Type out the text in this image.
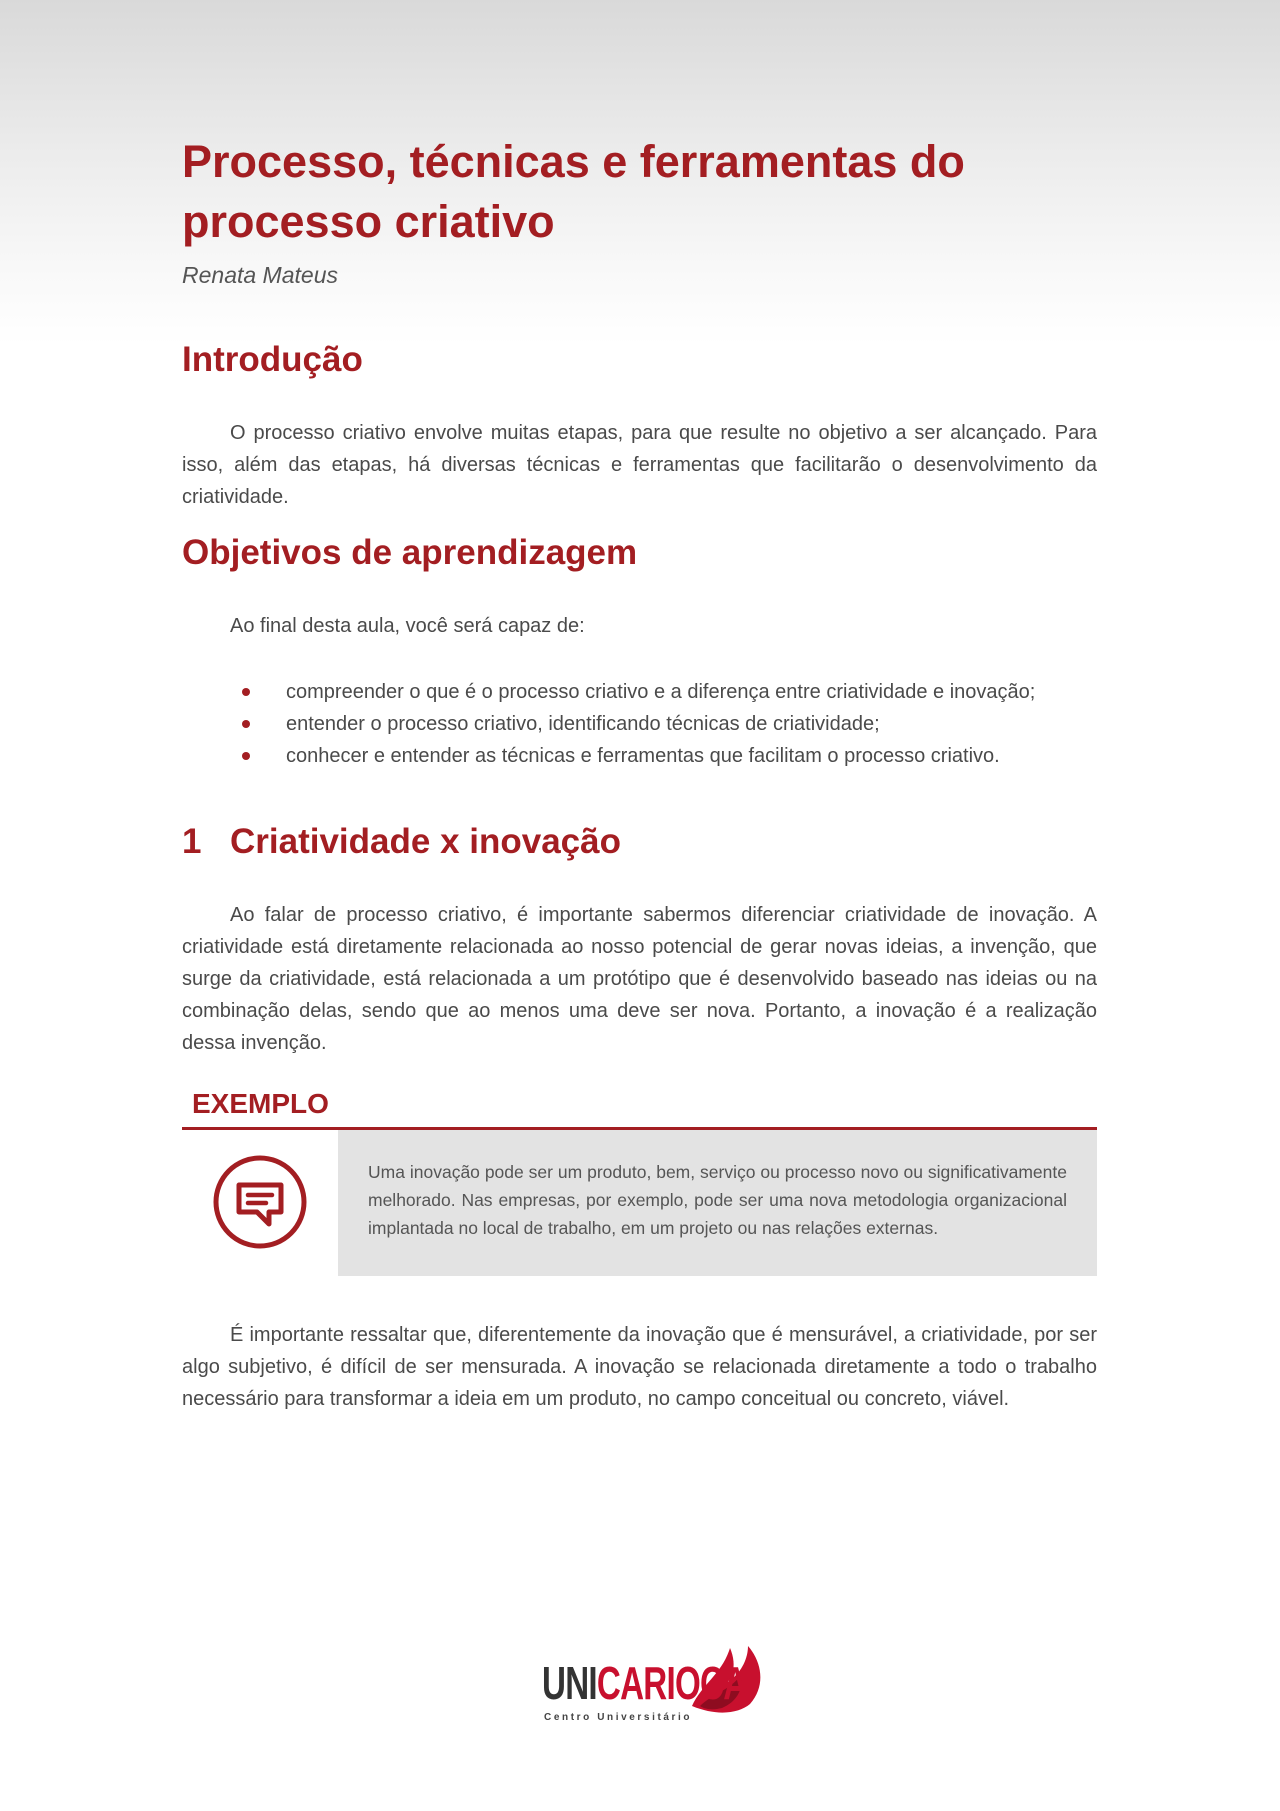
Processo, técnicas e ferramentas do processo criativo

Renata Mateus

Introdução

O processo criativo envolve muitas etapas, para que resulte no objetivo a ser alcançado. Para isso, além das etapas, há diversas técnicas e ferramentas que facilitarão o desenvolvimento da criatividade.

Objetivos de aprendizagem

Ao final desta aula, você será capaz de:

compreender o que é o processo criativo e a diferença entre criatividade e inovação;
entender o processo criativo, identificando técnicas de criatividade;
conhecer e entender as técnicas e ferramentas que facilitam o processo criativo.
1 Criatividade x inovação

Ao falar de processo criativo, é importante sabermos diferenciar criatividade de inovação. A criatividade está diretamente relacionada ao nosso potencial de gerar novas ideias, a invenção, que surge da criatividade, está relacionada a um protótipo que é desenvolvido baseado nas ideias ou na combinação delas, sendo que ao menos uma deve ser nova. Portanto, a inovação é a realização dessa invenção.

EXEMPLO

Uma inovação pode ser um produto, bem, serviço ou processo novo ou significativamente melhorado. Nas empresas, por exemplo, pode ser uma nova metodologia organizacional implantada no local de trabalho, em um projeto ou nas relações externas.

É importante ressaltar que, diferentemente da inovação que é mensurável, a criatividade, por ser algo subjetivo, é difícil de ser mensurada. A inovação se relacionada diretamente a todo o trabalho necessário para transformar a ideia em um produto, no campo conceitual ou concreto, viável.

UNICARIOCA
Centro Universitário
